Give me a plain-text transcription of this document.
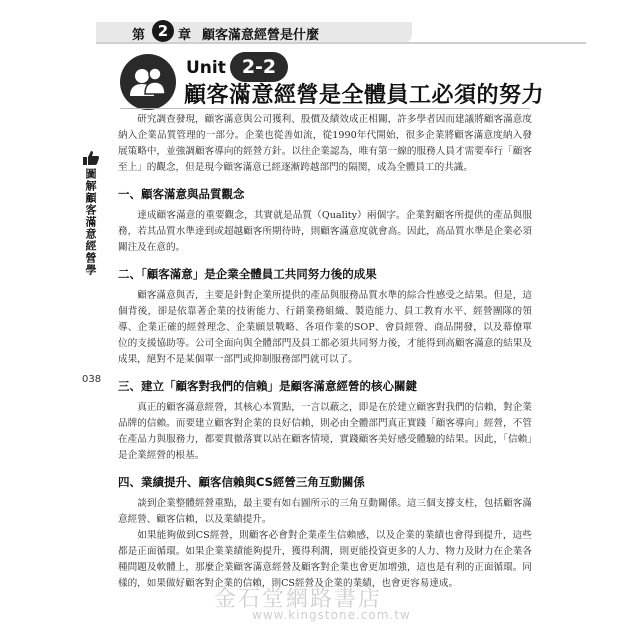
第 2 章 顧客滿意經營是什麼
Unit 2-2
顧客滿意經營是全體員工必須的努力
圖解顧客滿意經營學
038

研究調查發現，顧客滿意與公司獲利、股價及績效成正相關，許多學者因而建議將顧客滿意度納入企業品質管理的一部分。企業也從善如流，從1990年代開始，很多企業將顧客滿意度納入發展策略中，並強調顧客導向的經營方針。以往企業認為，唯有第一線的服務人員才需要奉行「顧客至上」的觀念，但是現今顧客滿意已經逐漸跨越部門的隔閡，成為全體員工的共識。

一、顧客滿意與品質觀念

達成顧客滿意的重要觀念，其實就是品質（Quality）兩個字。企業對顧客所提供的產品與服務，若其品質水準達到或超越顧客所期待時，則顧客滿意度就會高。因此，高品質水準是企業必須關注及在意的。

二、「顧客滿意」是企業全體員工共同努力後的成果

顧客滿意與否，主要是針對企業所提供的產品與服務品質水準的綜合性感受之結果。但是，這個背後，卻是依靠著企業的技術能力、行銷業務組織、製造能力、員工教育水平、經營團隊的領導、企業正確的經營理念、企業願景戰略、各項作業的SOP、會員經營、商品開發，以及幕僚單位的支援協助等。公司全面向與全體部門及員工都必須共同努力後，才能得到高顧客滿意的結果及成果，絕對不是某個單一部門或抑制服務部門就可以了。

三、建立「顧客對我們的信賴」是顧客滿意經營的核心關鍵

真正的顧客滿意經營，其核心本質點，一言以蔽之，即是在於建立顧客對我們的信賴，對企業品牌的信賴。而要建立顧客對企業的良好信賴，則必由全體部門真正實踐「顧客導向」經營，不管在產品力與服務力，都要貫徹落實以站在顧客情境，實踐顧客美好感受體驗的結果。因此，「信賴」是企業經營的根基。

四、業績提升、顧客信賴與CS經營三角互動關係

談到企業整體經營重點，最主要有如右圖所示的三角互動關係。這三個支撐支柱，包括顧客滿意經營、顧客信賴，以及業績提升。

如果能夠做到CS經營，則顧客必會對企業產生信賴感，以及企業的業績也會得到提升，這些都是正面循環。如果企業業績能夠提升，獲得利潤，則更能投資更多的人力、物力及財力在企業各種問題及軟體上，那麼企業顧客滿意經營及顧客對企業也會更加增強，這也是有利的正面循環。同樣的，如果做好顧客對企業的信賴，則CS經營及企業的業績，也會更容易達成。

金石堂網路書店
www.kingstone.com.tw
